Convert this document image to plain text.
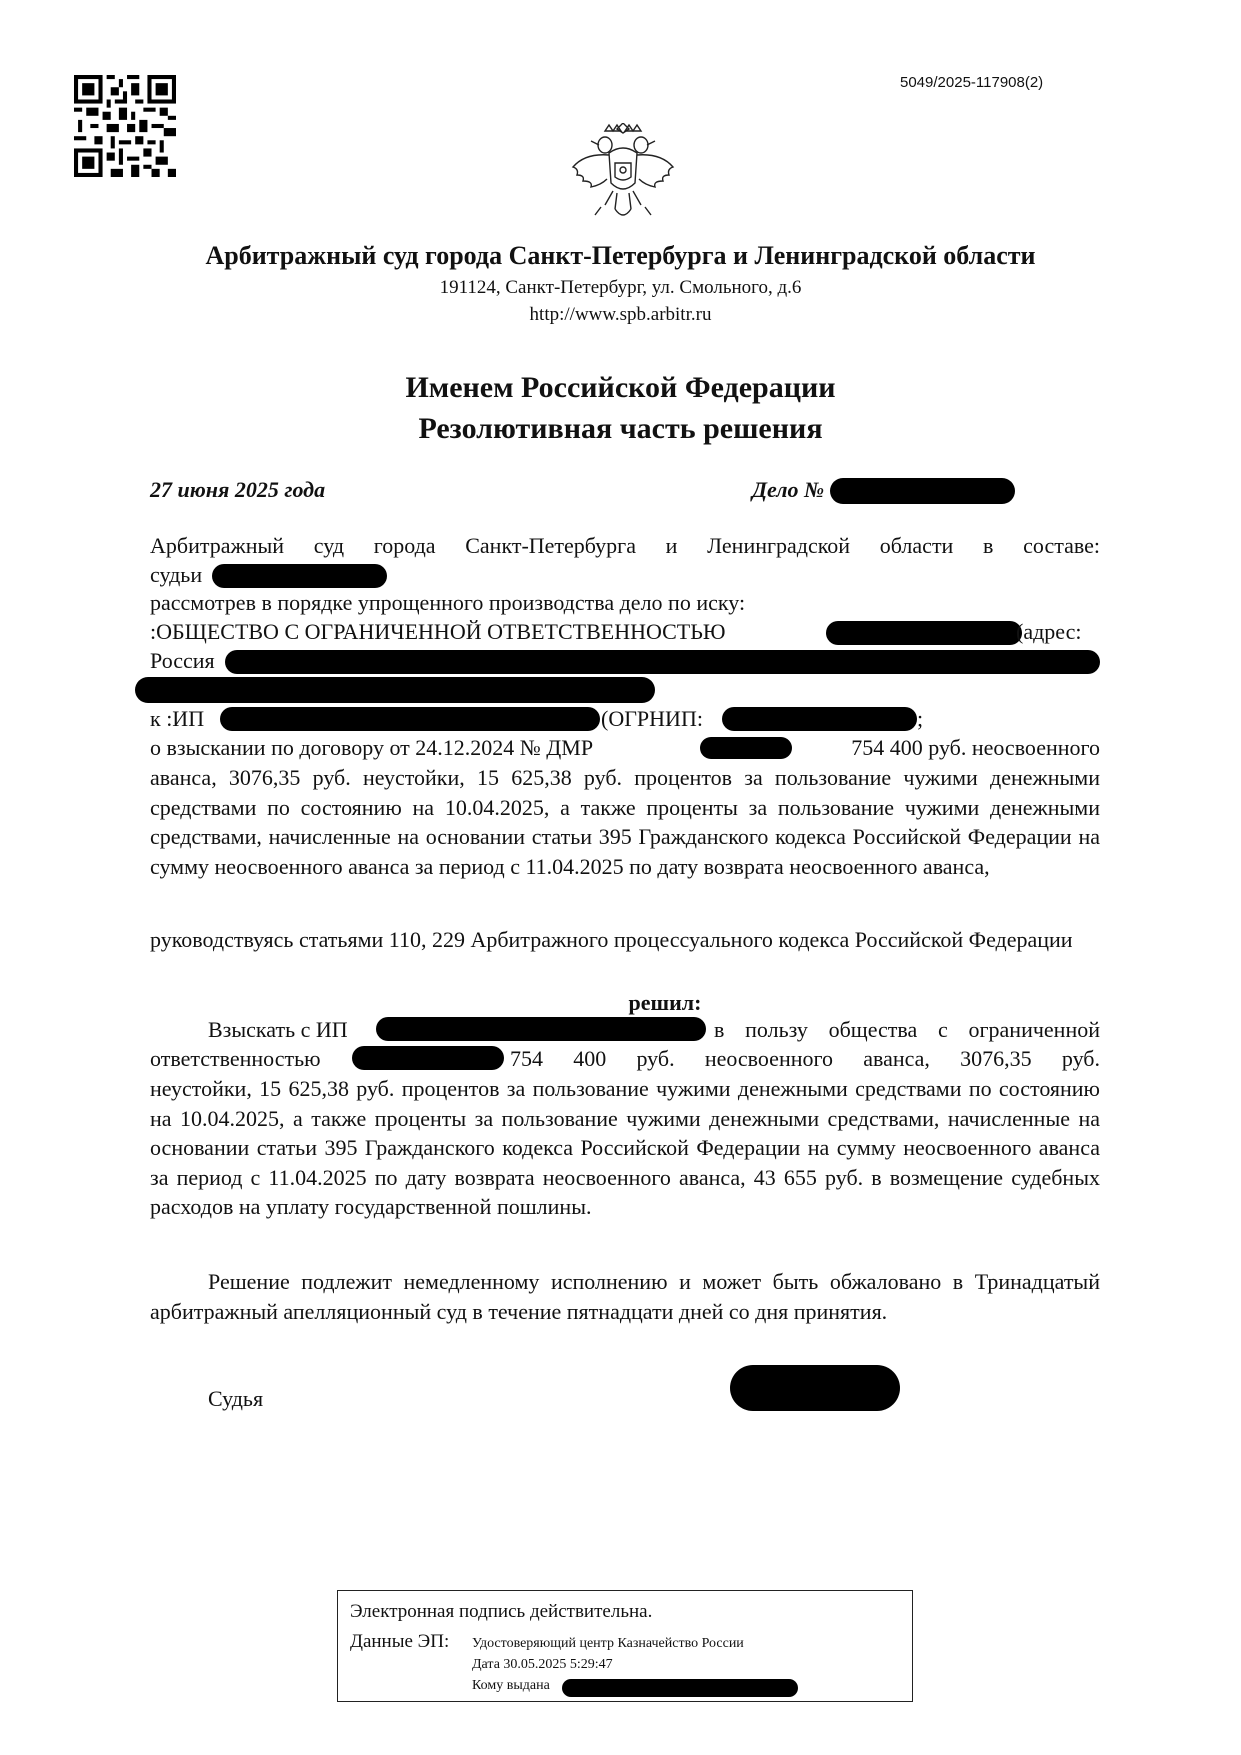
5049/2025-117908(2)
Арбитражный суд города Санкт-Петербурга и Ленинградской области
191124, Санкт-Петербург, ул. Смольного, д.6
http://www.spb.arbitr.ru
Именем Российской Федерации
Резолютивная часть решения
27 июня 2025 года	Дело №
Арбитражный суд города Санкт-Петербурга и Ленинградской области в составе:
судьи
рассмотрев в порядке упрощенного производства дело по иску:
:ОБЩЕСТВО С ОГРАНИЧЕННОЙ ОТВЕТСТВЕННОСТЬЮ	(адрес:
Россия
к :ИП	(ОГРНИП:	;
о взыскании по договору от 24.12.2024 № ДМР	754 400 руб. неосвоенного
аванса, 3076,35 руб. неустойки, 15 625,38 руб. процентов за пользование чужими денежными средствами по состоянию на 10.04.2025, а также проценты за пользование чужими денежными средствами, начисленные на основании статьи 395 Гражданского кодекса Российской Федерации на сумму неосвоенного аванса за период с 11.04.2025 по дату возврата неосвоенного аванса,
руководствуясь статьями 110, 229 Арбитражного процессуального кодекса Российской Федерации
решил:
Взыскать с ИП	в пользу общества с ограниченной
ответственностью	754 400 руб. неосвоенного аванса, 3076,35 руб.
неустойки, 15 625,38 руб. процентов за пользование чужими денежными средствами по состоянию на 10.04.2025, а также проценты за пользование чужими денежными средствами, начисленные на основании статьи 395 Гражданского кодекса Российской Федерации на сумму неосвоенного аванса за период с 11.04.2025 по дату возврата неосвоенного аванса, 43 655 руб. в возмещение судебных расходов на уплату государственной пошлины.
Решение подлежит немедленному исполнению и может быть обжаловано в Тринадцатый арбитражный апелляционный суд в течение пятнадцати дней со дня принятия.
Судья
Электронная подпись действительна.
Данные ЭП: Удостоверяющий центр Казначейство России
Дата 30.05.2025 5:29:47
Кому выдана
